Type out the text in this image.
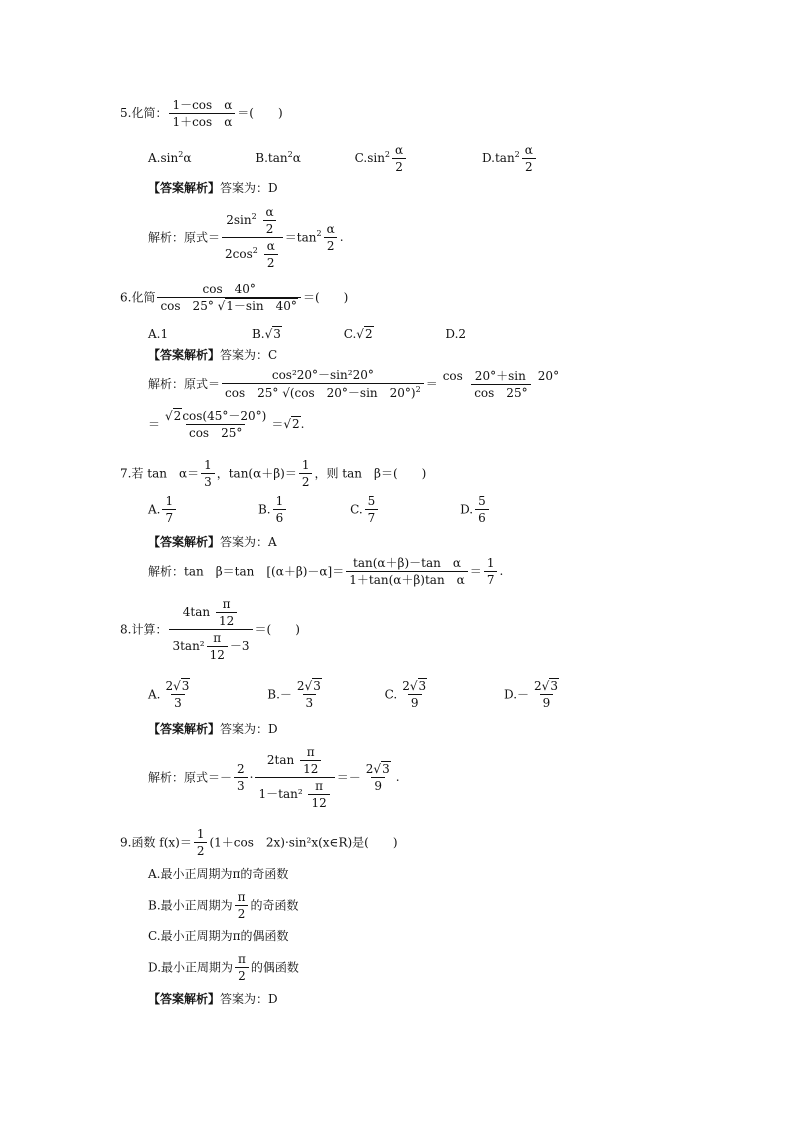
5.化简： $\frac{\text{1－cos　α}}{\text{1＋cos　α}}$ ＝(　　)
$A.\sin^2\alpha$	$B.\tan^2\alpha$	$C.\sin^2 \frac{\alpha}{2}$	$D.\tan^2 \frac{\alpha}{2}$
【答案解析】答案为：D
解析：原式＝ $\frac{2\sin^2 \frac{\alpha}{2}}{2\cos^2 \frac{\alpha}{2}} =\tan^2 \frac{\alpha}{2}$ .
6.化简 $\frac{\cos 40^\circ}{\cos 25^\circ √1-\sin 40^\circ}$ ＝(　　)
A.1	B.√3	C.√2	D.2
【答案解析】答案为：C
解析：原式＝ $\frac{\text{cos²20°－sin²20°}}{\cos 25^\circ √(\cos 20^\circ-\sin 20^\circ)^2} = \frac{\cos 20^\circ+\sin 20^\circ}{\cos 25^\circ}$
＝ $\frac{√2\cos(45^\circ-20^\circ)}{\cos 25^\circ} =√2$.
7.若 tan　$\alpha= \frac{1}{3}$ ，$\tan(\alpha+\beta)= \frac{1}{2}$ ，则 tan　β＝(　　)
A. $\frac{1}{7}$	B. $\frac{1}{6}$	C. $\frac{5}{7}$	D. $\frac{5}{6}$
【答案解析】答案为：A
解析：tan　β＝tan　$[(\alpha+\beta)-\alpha]= \frac{\text{tan(α＋β)－tan　α}}{\text{1＋tan(α＋β)tan　α}} = \frac{1}{7}$ .
8.计算： $\frac{4\tan \frac{\pi}{12}}{3\tan^2 \frac{\pi}{12} -3}$ ＝(　　)
A. $\frac{2√3}{3}$	$B.- \frac{2√3}{3}$	C. $\frac{2√3}{9}$	$D.- \frac{2√3}{9}$
【答案解析】答案为：D
解析：原式＝－ $\frac{2}{3} \cdot \frac{2\tan \frac{\pi}{12}}{1-\tan^2 \frac{\pi}{12}} =- \frac{2√3}{9}$ .
9.函数 $f(x)= \frac{1}{2} (1+\cos$　2x)·sin²x(x∈R)是(　　)
A.最小正周期为π的奇函数
B.最小正周期为 $\frac{\pi}{2}$ 的奇函数
C.最小正周期为π的偶函数
D.最小正周期为 $\frac{\pi}{2}$ 的偶函数
【答案解析】答案为：D
